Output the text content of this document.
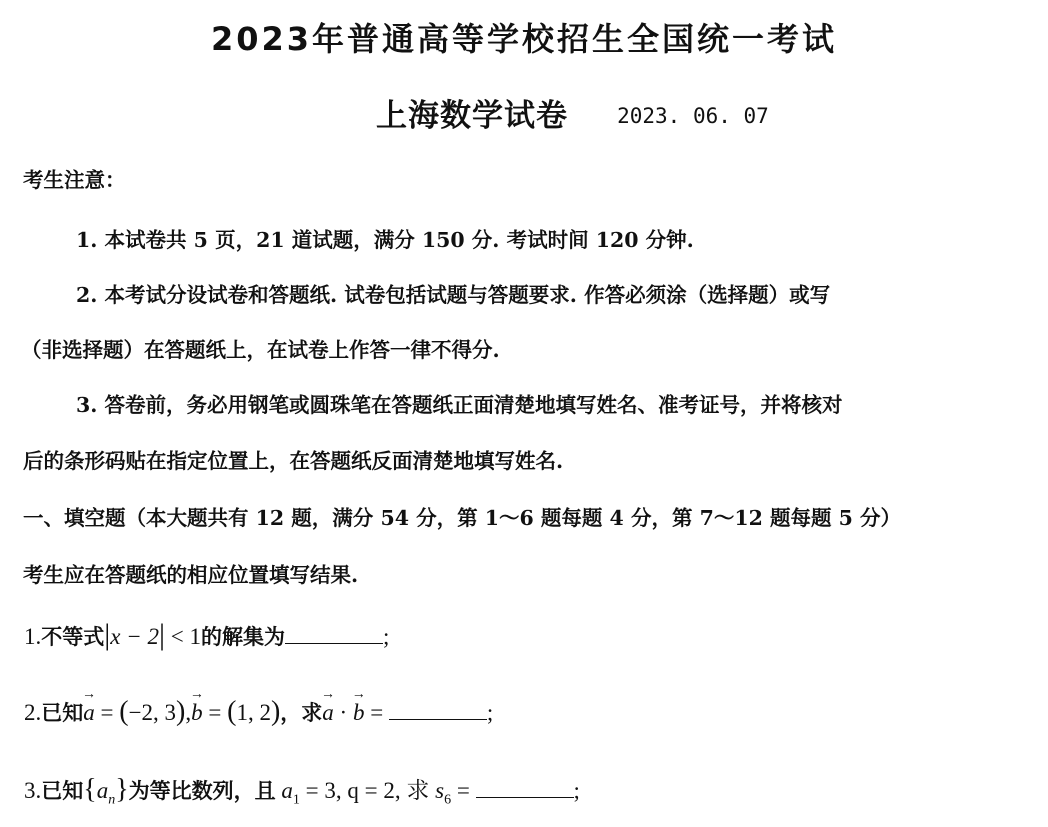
2023年普通高等学校招生全国统一考试
上海数学试卷 2023. 06. 07
考生注意：
1. 本试卷共 5 页，21 道试题，满分 150 分. 考试时间 120 分钟.
2. 本考试分设试卷和答题纸. 试卷包括试题与答题要求. 作答必须涂（选择题）或写
（非选择题）在答题纸上，在试卷上作答一律不得分.
3. 答卷前，务必用钢笔或圆珠笔在答题纸正面清楚地填写姓名、准考证号，并将核对
后的条形码贴在指定位置上，在答题纸反面清楚地填写姓名.
一、填空题（本大题共有 12 题，满分 54 分，第 1～6 题每题 4 分，第 7～12 题每题 5 分）
考生应在答题纸的相应位置填写结果.
1.不等式|x − 2| < 1的解集为	;
2.已知→ a = (−2, 3),→ b = (1, 2)，求→ a · → b =	;
3.已知$\{a_n\}$为等比数列，且 $a_1 = 3$, q = 2, 求 $s_6$ =	;
